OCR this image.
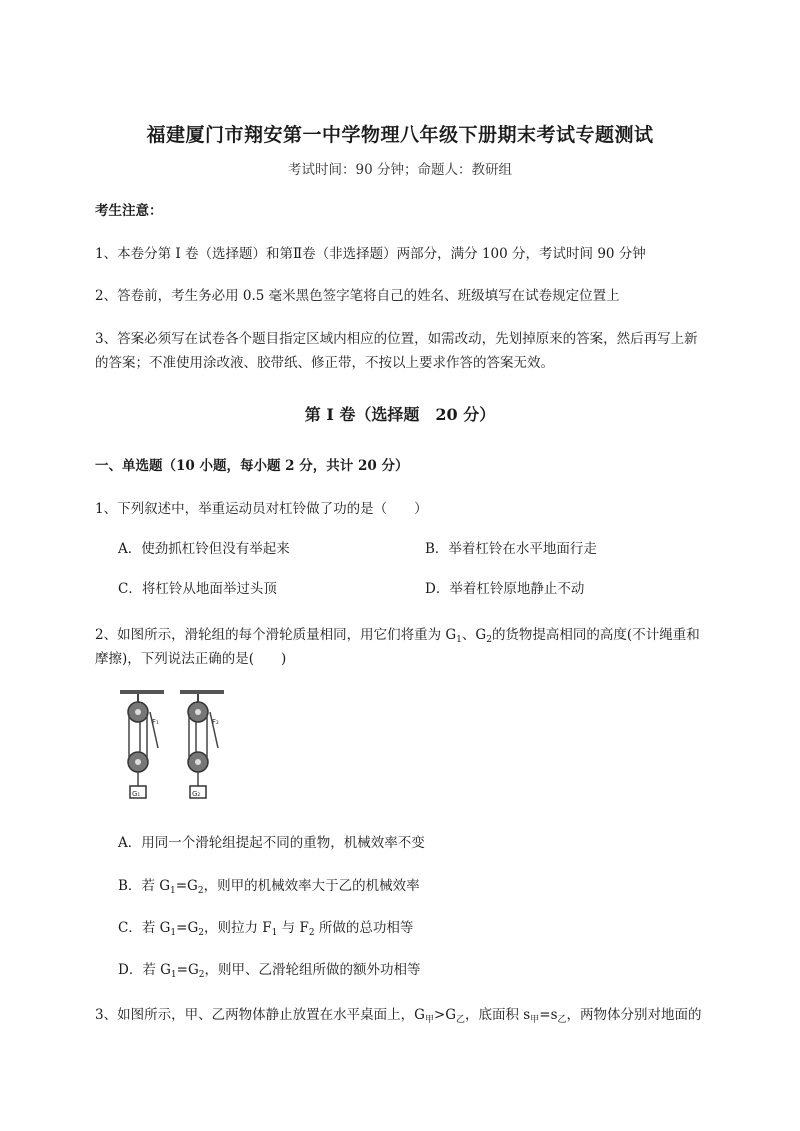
福建厦门市翔安第一中学物理八年级下册期末考试专题测试
考试时间：90 分钟；命题人：教研组
考生注意：
1、本卷分第 I 卷（选择题）和第Ⅱ卷（非选择题）两部分，满分 100 分，考试时间 90 分钟
2、答卷前，考生务必用 0.5 毫米黑色签字笔将自己的姓名、班级填写在试卷规定位置上
3、答案必须写在试卷各个题目指定区域内相应的位置，如需改动，先划掉原来的答案，然后再写上新
的答案；不准使用涂改液、胶带纸、修正带，不按以上要求作答的答案无效。
第 I 卷（选择题　20 分）
一、单选题（10 小题，每小题 2 分，共计 20 分）
1、下列叙述中，举重运动员对杠铃做了功的是（　　）
A．使劲抓杠铃但没有举起来	B．举着杠铃在水平地面行走
C．将杠铃从地面举过头顶	D．举着杠铃原地静止不动
2、如图所示，滑轮组的每个滑轮质量相同，用它们将重为 $G_1$、$G_2$的货物提高相同的高度(不计绳重和
摩擦)，下列说法正确的是(　　)
F₁
G₁
F₂
G₂
A．用同一个滑轮组提起不同的重物，机械效率不变
B．若 $G_1=G_2$，则甲的机械效率大于乙的机械效率
C．若 $G_1=G_2$，则拉力 $F_1$ 与 $F_2$ 所做的总功相等
D．若 $G_1=G_2$，则甲、乙滑轮组所做的额外功相等
3、如图所示，甲、乙两物体静止放置在水平桌面上，$G_甲>G_乙$，底面积 $s_甲=s_乙$，两物体分别对地面的
